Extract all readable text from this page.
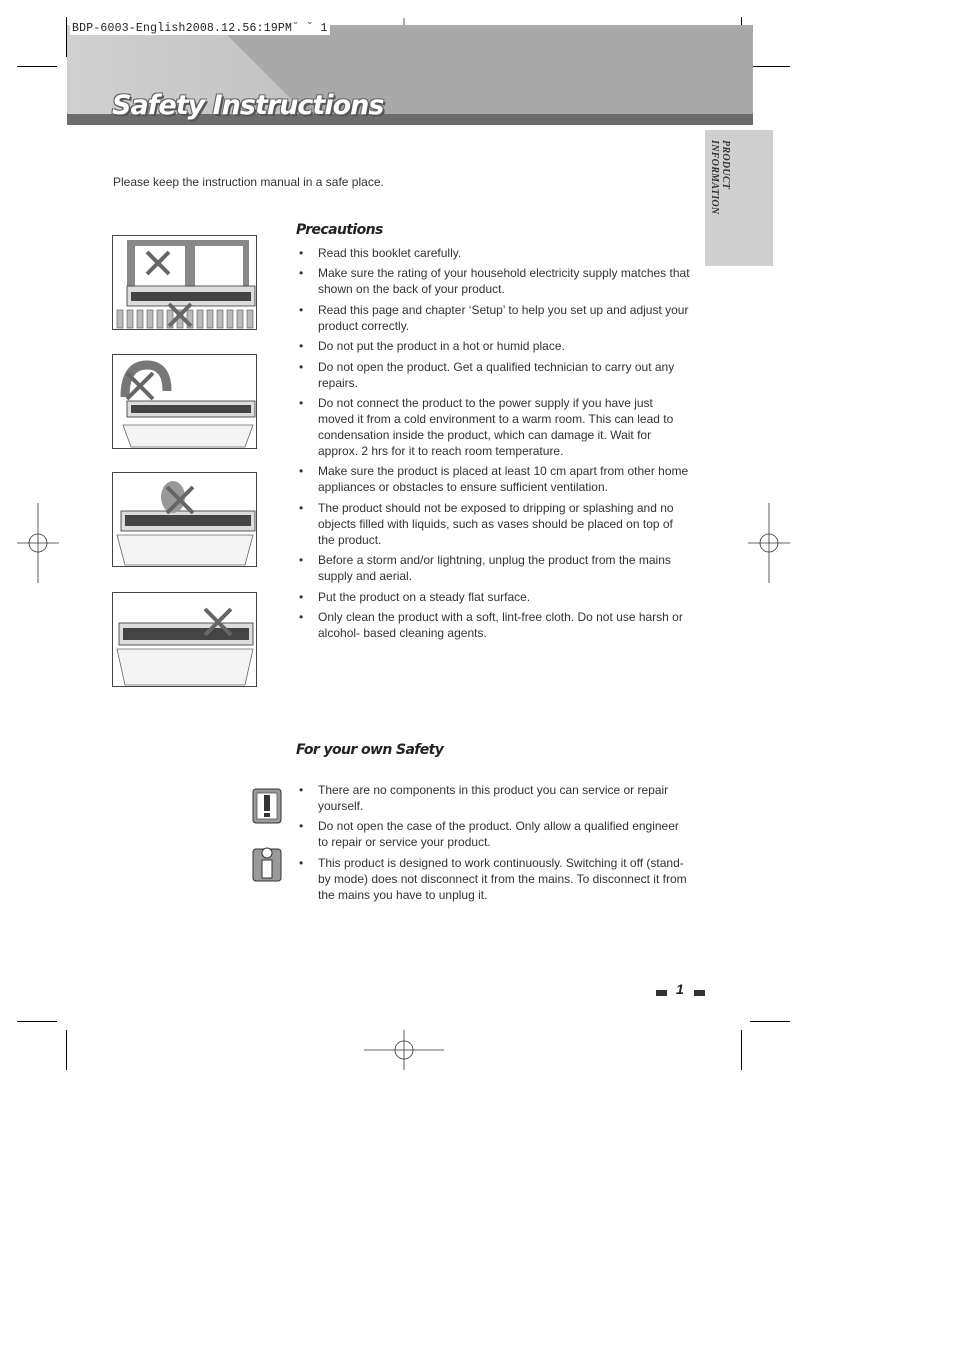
BDP-6003-English2008.12.56:19PM˘ ˘ 1
Safety Instructions
PRODUCT INFORMATION
Please keep the instruction manual in a safe place.
Precautions
• Read this booklet carefully.
• Make sure the rating of your household electricity supply matches that shown on the back of your product.
• Read this page and chapter ‘Setup’ to help you set up and adjust your product correctly.
• Do not put the product in a hot or humid place.
• Do not open the product. Get a qualified technician to carry out any repairs.
• Do not connect the product to the power supply if you have just moved it from a cold environment to a warm room. This can lead to condensation inside the product, which can damage it. Wait for approx. 2 hrs for it to reach room temperature.
• Make sure the product is placed at least 10 cm apart from other home appliances or obstacles to ensure sufficient ventilation.
• The product should not be exposed to dripping or splashing and no objects filled with liquids, such as vases should be placed on top of the product.
• Before a storm and/or lightning, unplug the product from the mains supply and aerial.
• Put the product on a steady flat surface.
• Only clean the product with a soft, lint-free cloth. Do not use harsh or alcohol- based cleaning agents.
For your own Safety
• There are no components in this product you can service or repair yourself.
• Do not open the case of the product. Only allow a qualified engineer to repair or service your product.
• This product is designed to work continuously. Switching it off (stand-by mode) does not disconnect it from the mains. To disconnect it from the mains you have to unplug it.
1
